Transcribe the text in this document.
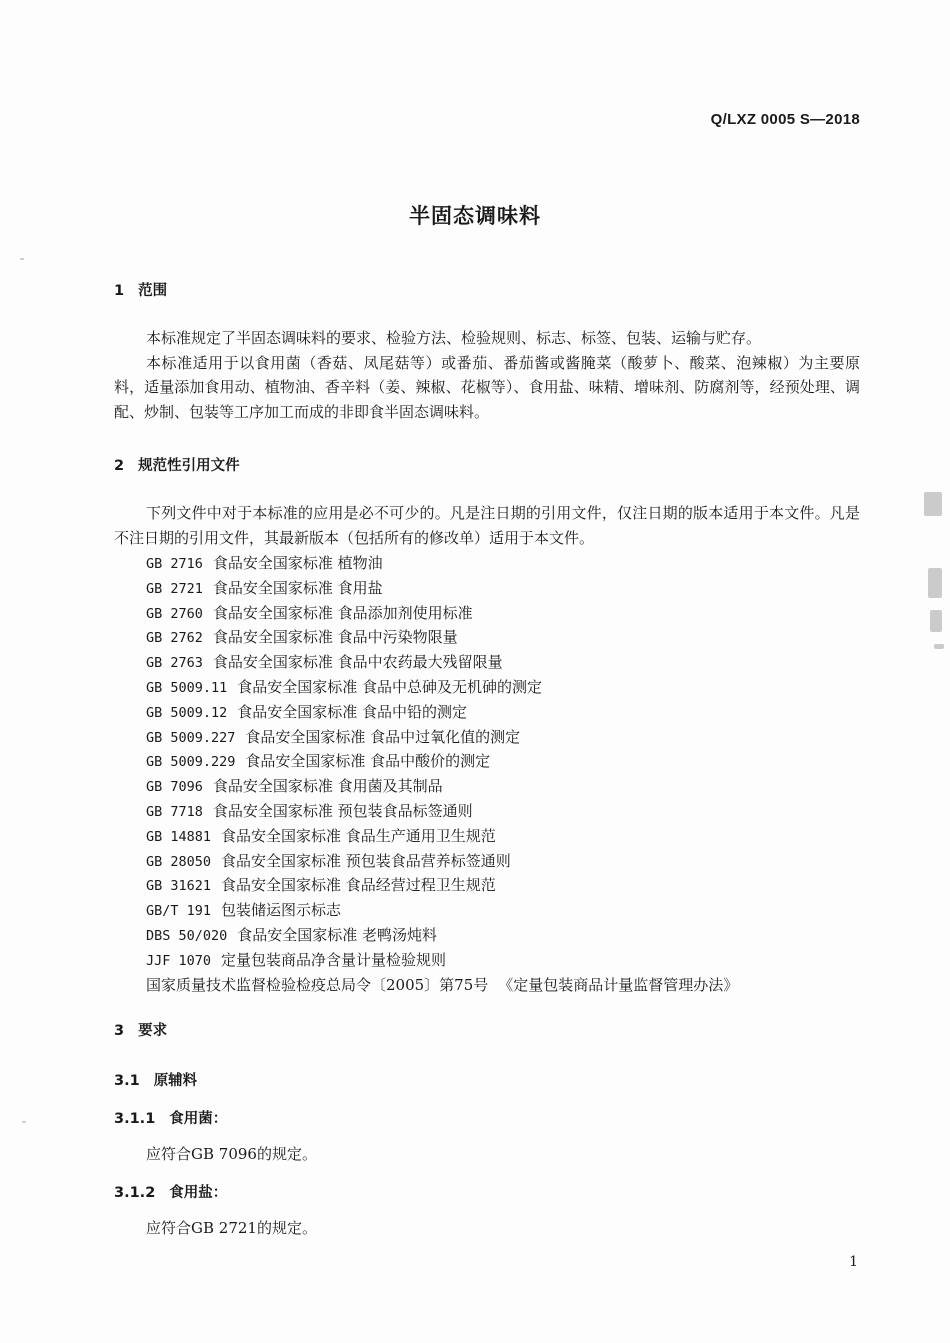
Q/LXZ 0005 S—2018
半固态调味料
1 范围
本标准规定了半固态调味料的要求、检验方法、检验规则、标志、标签、包装、运输与贮存。
本标准适用于以食用菌（香菇、凤尾菇等）或番茄、番茄酱或酱腌菜（酸萝卜、酸菜、泡辣椒）为主要原料，适量添加食用动、植物油、香辛料（姜、辣椒、花椒等）、食用盐、味精、增味剂、防腐剂等，经预处理、调配、炒制、包装等工序加工而成的非即食半固态调味料。
2 规范性引用文件
下列文件中对于本标准的应用是必不可少的。凡是注日期的引用文件，仅注日期的版本适用于本文件。凡是不注日期的引用文件，其最新版本（包括所有的修改单）适用于本文件。
GB 2716 食品安全国家标准 植物油
GB 2721 食品安全国家标准 食用盐
GB 2760 食品安全国家标准 食品添加剂使用标准
GB 2762 食品安全国家标准 食品中污染物限量
GB 2763 食品安全国家标准 食品中农药最大残留限量
GB 5009.11 食品安全国家标准 食品中总砷及无机砷的测定
GB 5009.12 食品安全国家标准 食品中铅的测定
GB 5009.227 食品安全国家标准 食品中过氧化值的测定
GB 5009.229 食品安全国家标准 食品中酸价的测定
GB 7096 食品安全国家标准 食用菌及其制品
GB 7718 食品安全国家标准 预包装食品标签通则
GB 14881 食品安全国家标准 食品生产通用卫生规范
GB 28050 食品安全国家标准 预包装食品营养标签通则
GB 31621 食品安全国家标准 食品经营过程卫生规范
GB/T 191 包装储运图示标志
DBS 50/020 食品安全国家标准 老鸭汤炖料
JJF 1070 定量包装商品净含量计量检验规则
国家质量技术监督检验检疫总局令〔2005〕第75号 《定量包装商品计量监督管理办法》
3 要求
3.1 原辅料
3.1.1 食用菌：
应符合GB 7096的规定。
3.1.2 食用盐：
应符合GB 2721的规定。
1
